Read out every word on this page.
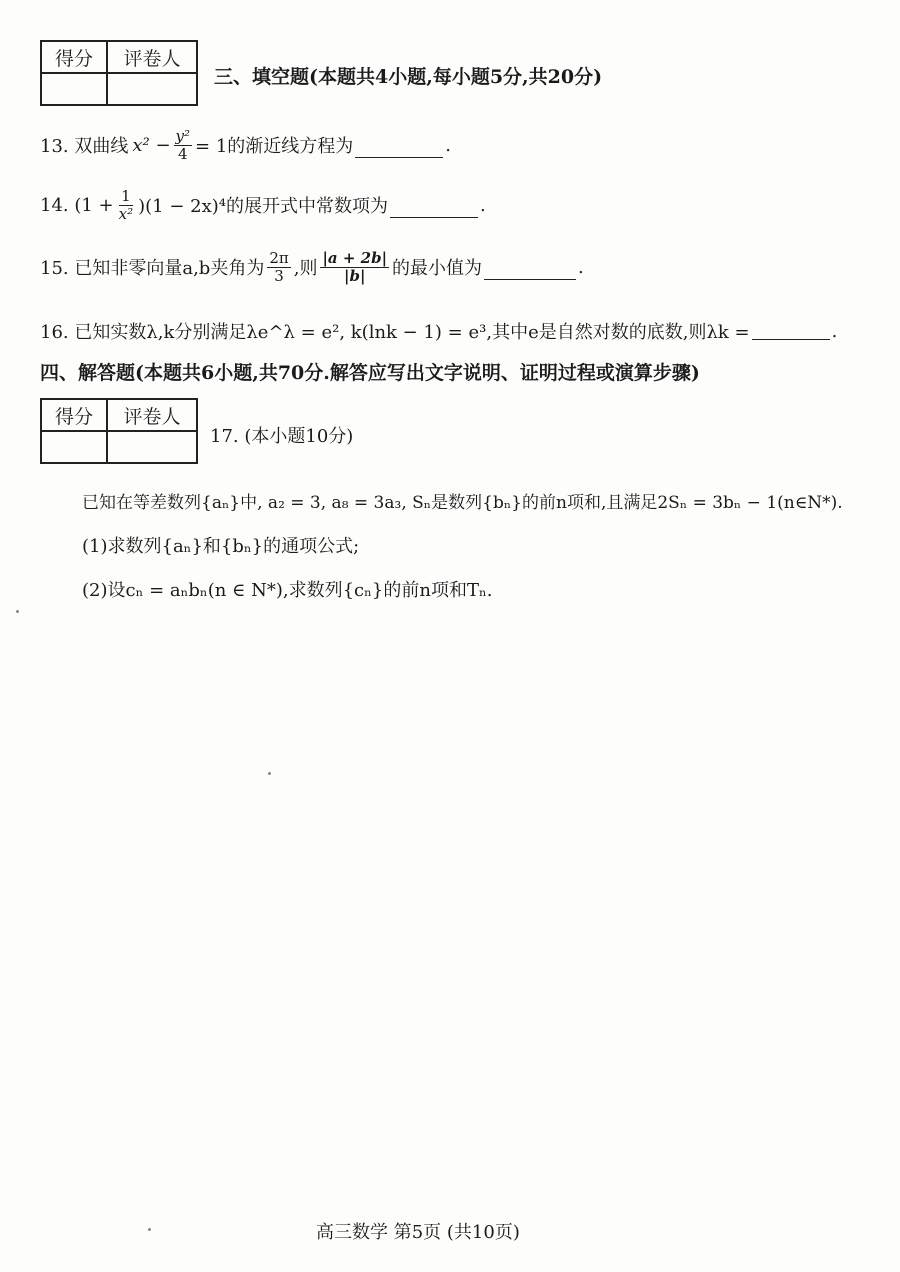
得分	评卷人

三、填空题(本题共4小题,每小题5分,共20分)
13. 双曲线 $x^2 - \frac{\text{y²}}{4} = 1$的渐近线方程为	.
14. $(1 + \frac{1}{\text{x²}} )(1 - 2x)^4$的展开式中常数项为	.
15. 已知非零向量a,b夹角为 $\frac{2\pi}{3}$ ,则 $\frac{|a + 2b|}{|b|}$ 的最小值为	.
16. 已知实数λ,k分别满足λe^λ = e², k(lnk − 1) = e³,其中e是自然对数的底数,则λk =	.
四、解答题(本题共6小题,共70分.解答应写出文字说明、证明过程或演算步骤)
得分	评卷人

17. (本小题10分)
已知在等差数列{aₙ}中, a₂ = 3, a₈ = 3a₃, Sₙ是数列{bₙ}的前n项和,且满足2Sₙ = 3bₙ − 1(n∈N*).
(1)求数列{aₙ}和{bₙ}的通项公式;
(2)设cₙ = aₙbₙ(n ∈ N*),求数列{cₙ}的前n项和Tₙ.
高三数学 第5页 (共10页)
